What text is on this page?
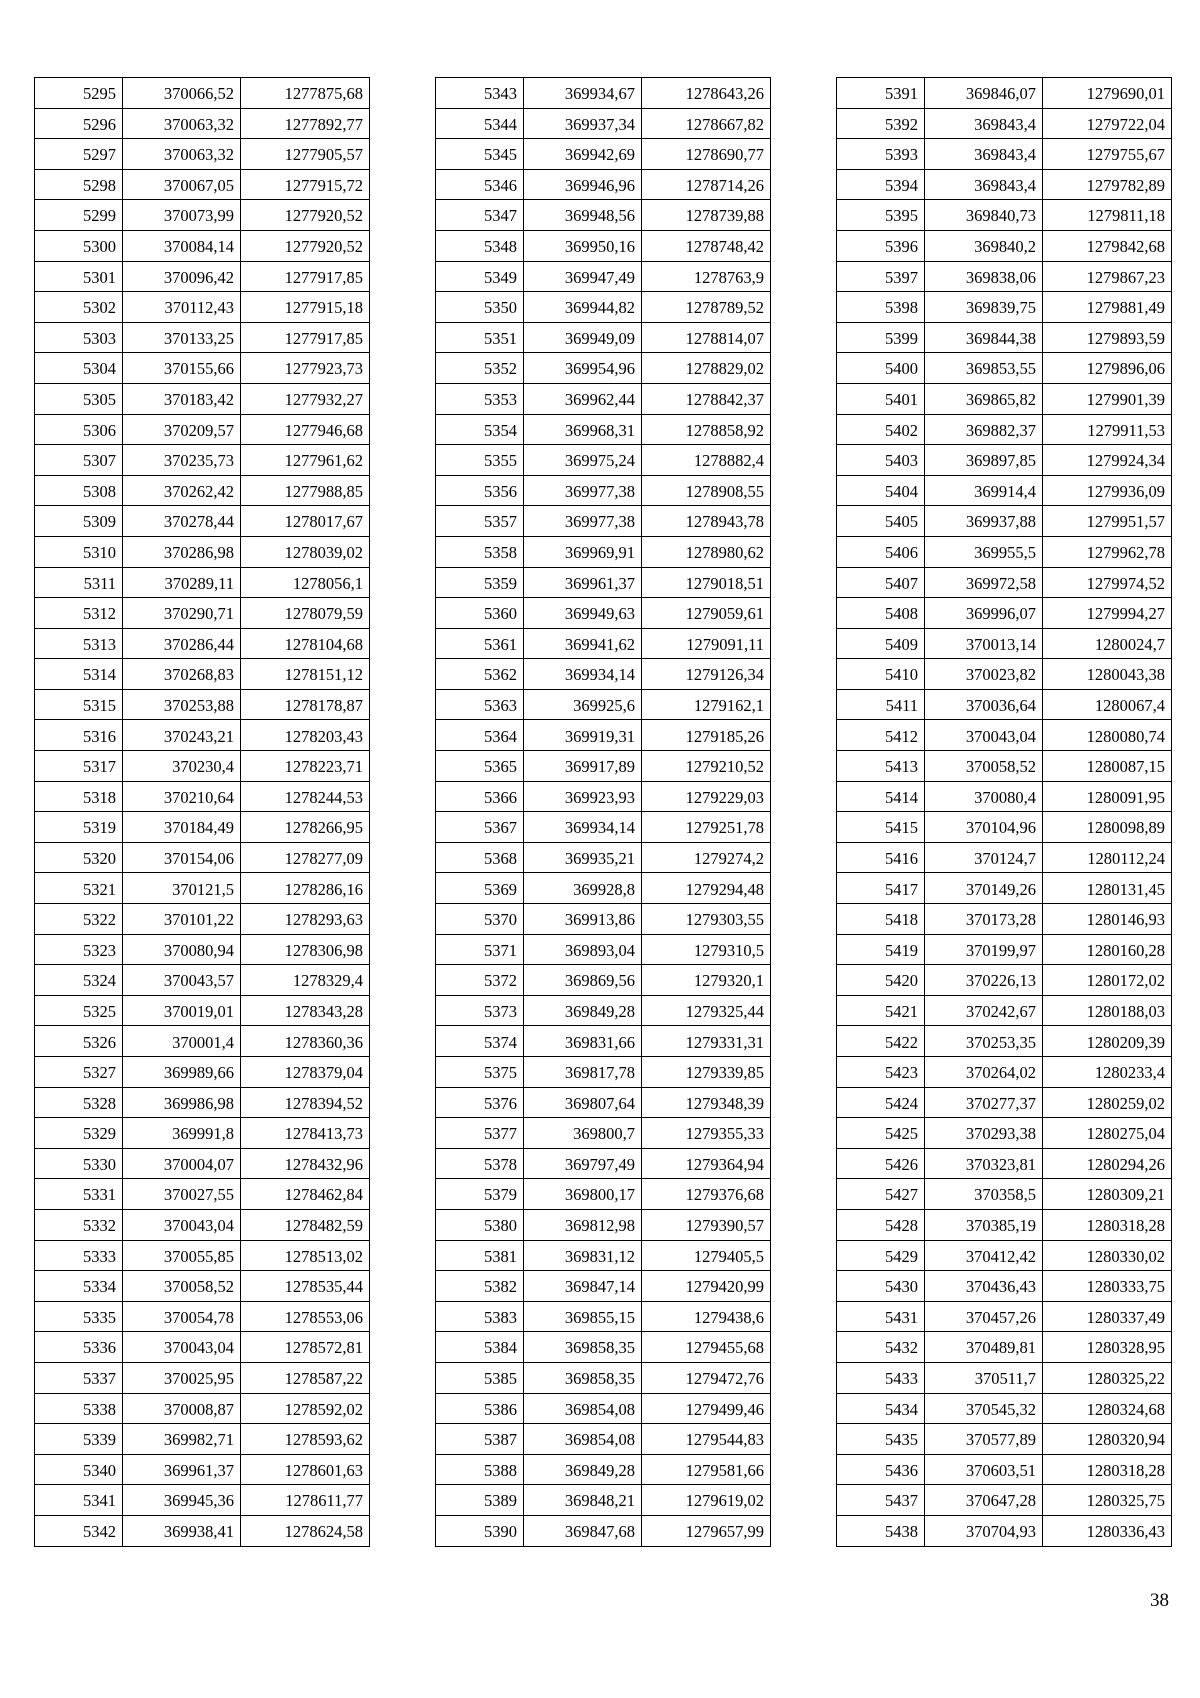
5295	370066,52	1277875,68
5296	370063,32	1277892,77
5297	370063,32	1277905,57
5298	370067,05	1277915,72
5299	370073,99	1277920,52
5300	370084,14	1277920,52
5301	370096,42	1277917,85
5302	370112,43	1277915,18
5303	370133,25	1277917,85
5304	370155,66	1277923,73
5305	370183,42	1277932,27
5306	370209,57	1277946,68
5307	370235,73	1277961,62
5308	370262,42	1277988,85
5309	370278,44	1278017,67
5310	370286,98	1278039,02
5311	370289,11	1278056,1
5312	370290,71	1278079,59
5313	370286,44	1278104,68
5314	370268,83	1278151,12
5315	370253,88	1278178,87
5316	370243,21	1278203,43
5317	370230,4	1278223,71
5318	370210,64	1278244,53
5319	370184,49	1278266,95
5320	370154,06	1278277,09
5321	370121,5	1278286,16
5322	370101,22	1278293,63
5323	370080,94	1278306,98
5324	370043,57	1278329,4
5325	370019,01	1278343,28
5326	370001,4	1278360,36
5327	369989,66	1278379,04
5328	369986,98	1278394,52
5329	369991,8	1278413,73
5330	370004,07	1278432,96
5331	370027,55	1278462,84
5332	370043,04	1278482,59
5333	370055,85	1278513,02
5334	370058,52	1278535,44
5335	370054,78	1278553,06
5336	370043,04	1278572,81
5337	370025,95	1278587,22
5338	370008,87	1278592,02
5339	369982,71	1278593,62
5340	369961,37	1278601,63
5341	369945,36	1278611,77
5342	369938,41	1278624,58
5343	369934,67	1278643,26
5344	369937,34	1278667,82
5345	369942,69	1278690,77
5346	369946,96	1278714,26
5347	369948,56	1278739,88
5348	369950,16	1278748,42
5349	369947,49	1278763,9
5350	369944,82	1278789,52
5351	369949,09	1278814,07
5352	369954,96	1278829,02
5353	369962,44	1278842,37
5354	369968,31	1278858,92
5355	369975,24	1278882,4
5356	369977,38	1278908,55
5357	369977,38	1278943,78
5358	369969,91	1278980,62
5359	369961,37	1279018,51
5360	369949,63	1279059,61
5361	369941,62	1279091,11
5362	369934,14	1279126,34
5363	369925,6	1279162,1
5364	369919,31	1279185,26
5365	369917,89	1279210,52
5366	369923,93	1279229,03
5367	369934,14	1279251,78
5368	369935,21	1279274,2
5369	369928,8	1279294,48
5370	369913,86	1279303,55
5371	369893,04	1279310,5
5372	369869,56	1279320,1
5373	369849,28	1279325,44
5374	369831,66	1279331,31
5375	369817,78	1279339,85
5376	369807,64	1279348,39
5377	369800,7	1279355,33
5378	369797,49	1279364,94
5379	369800,17	1279376,68
5380	369812,98	1279390,57
5381	369831,12	1279405,5
5382	369847,14	1279420,99
5383	369855,15	1279438,6
5384	369858,35	1279455,68
5385	369858,35	1279472,76
5386	369854,08	1279499,46
5387	369854,08	1279544,83
5388	369849,28	1279581,66
5389	369848,21	1279619,02
5390	369847,68	1279657,99
5391	369846,07	1279690,01
5392	369843,4	1279722,04
5393	369843,4	1279755,67
5394	369843,4	1279782,89
5395	369840,73	1279811,18
5396	369840,2	1279842,68
5397	369838,06	1279867,23
5398	369839,75	1279881,49
5399	369844,38	1279893,59
5400	369853,55	1279896,06
5401	369865,82	1279901,39
5402	369882,37	1279911,53
5403	369897,85	1279924,34
5404	369914,4	1279936,09
5405	369937,88	1279951,57
5406	369955,5	1279962,78
5407	369972,58	1279974,52
5408	369996,07	1279994,27
5409	370013,14	1280024,7
5410	370023,82	1280043,38
5411	370036,64	1280067,4
5412	370043,04	1280080,74
5413	370058,52	1280087,15
5414	370080,4	1280091,95
5415	370104,96	1280098,89
5416	370124,7	1280112,24
5417	370149,26	1280131,45
5418	370173,28	1280146,93
5419	370199,97	1280160,28
5420	370226,13	1280172,02
5421	370242,67	1280188,03
5422	370253,35	1280209,39
5423	370264,02	1280233,4
5424	370277,37	1280259,02
5425	370293,38	1280275,04
5426	370323,81	1280294,26
5427	370358,5	1280309,21
5428	370385,19	1280318,28
5429	370412,42	1280330,02
5430	370436,43	1280333,75
5431	370457,26	1280337,49
5432	370489,81	1280328,95
5433	370511,7	1280325,22
5434	370545,32	1280324,68
5435	370577,89	1280320,94
5436	370603,51	1280318,28
5437	370647,28	1280325,75
5438	370704,93	1280336,43
38
